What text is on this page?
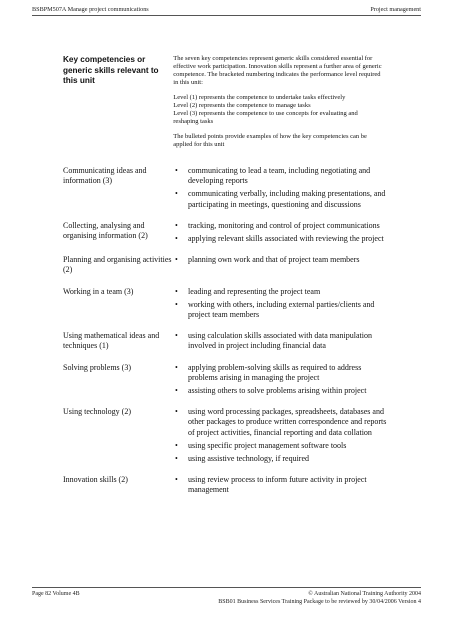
BSBPM507A Manage project communications	Project management
Key competencies or generic skills relevant to this unit

The seven key competencies represent generic skills considered essential for effective work participation. Innovation skills represent a further area of generic competence. The bracketed numbering indicates the performance level required in this unit:

Level (1) represents the competence to undertake tasks effectively

Level (2) represents the competence to manage tasks

Level (3) represents the competence to use concepts for evaluating and reshaping tasks

The bulleted points provide examples of how the key competencies can be applied for this unit

Communicating ideas and information (3)
•	communicating to lead a team, including negotiating and developing reports
•	communicating verbally, including making presentations, and participating in meetings, questioning and discussions
Collecting, analysing and organising information (2)
•	tracking, monitoring and control of project communications
•	applying relevant skills associated with reviewing the project
Planning and organising activities (2)
•	planning own work and that of project team members
Working in a team (3)	•	leading and representing the project team
•	working with others, including external parties/clients and project team members
Using mathematical ideas and techniques (1)
•	using calculation skills associated with data manipulation involved in project including financial data
Solving problems (3)	•	applying problem-solving skills as required to address problems arising in managing the project
•	assisting others to solve problems arising within project
Using technology (2)	•	using word processing packages, spreadsheets, databases and other packages to produce written correspondence and reports of project activities, financial reporting and data collation
•	using specific project management software tools
•	using assistive technology, if required
Innovation skills (2)	•	using review process to inform future activity in project management
Page 82 Volume 4B	© Australian National Training Authority 2004
BSB01 Business Services Training Package to be reviewed by 30/04/2006 Version 4
